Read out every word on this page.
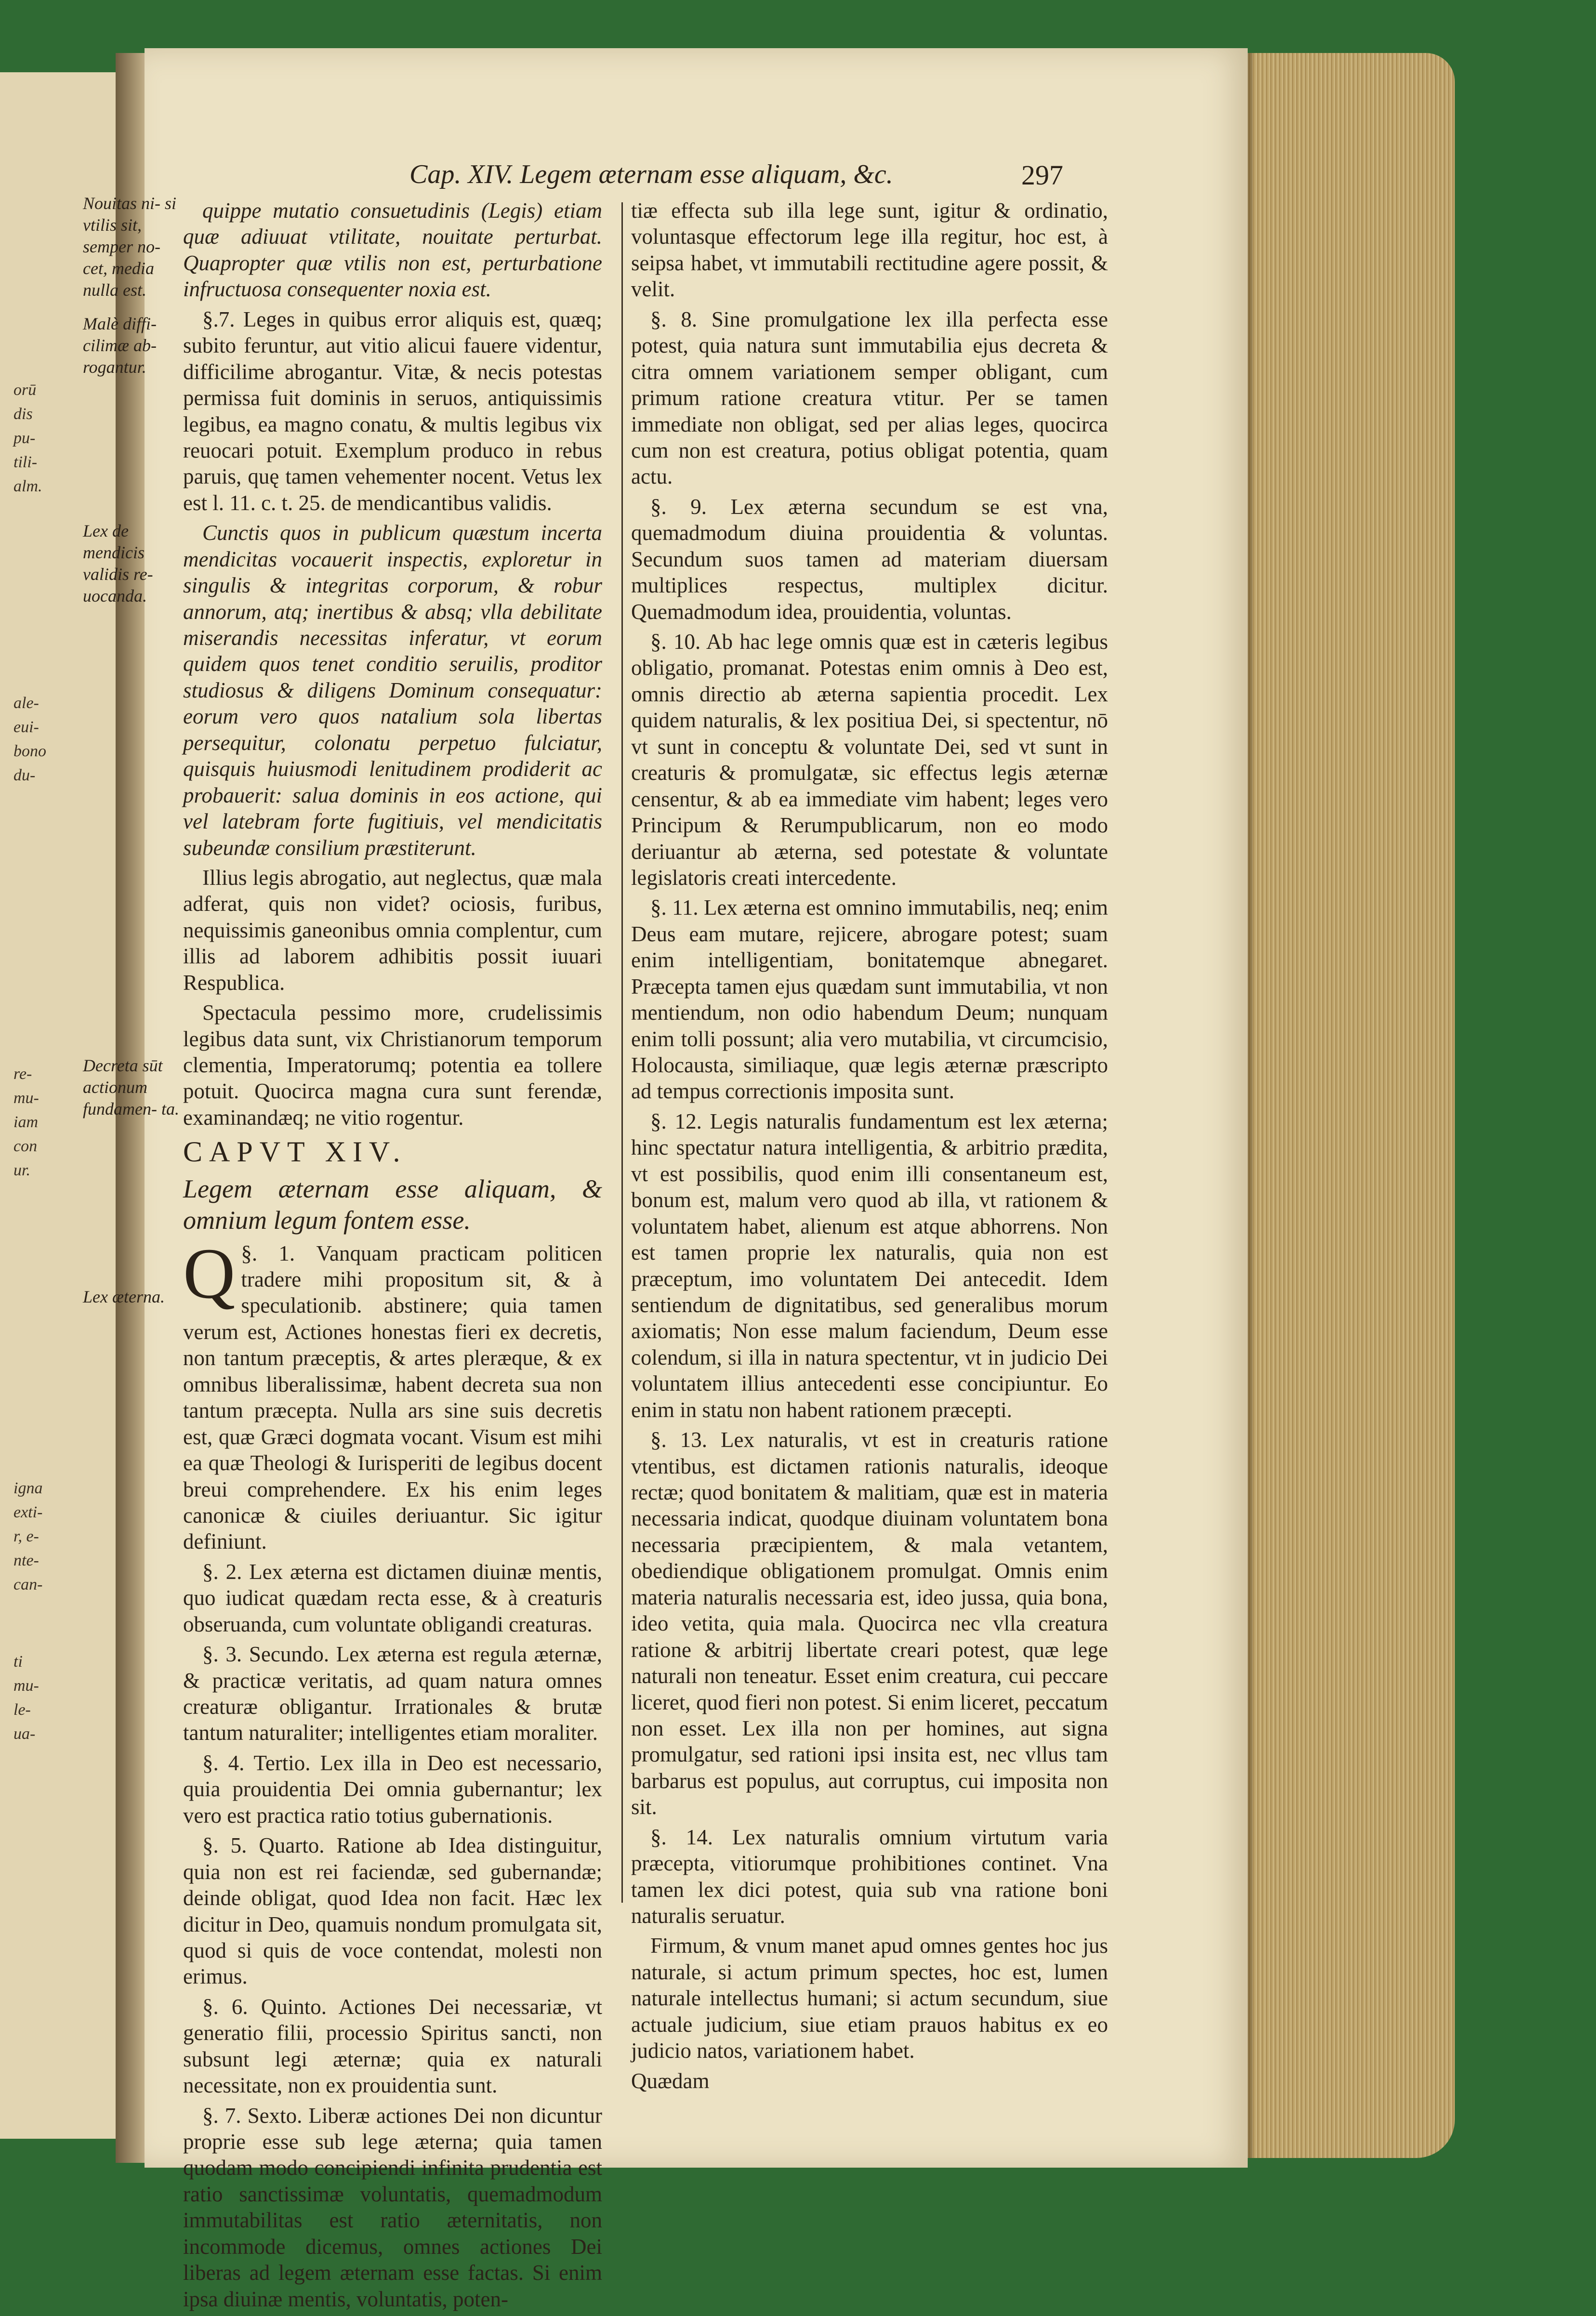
orū
dis
pu-
tili-
alm.
ale-
eui-
bono
du-
re-
mu-
iam
con
ur.
igna
exti-
r, e-
nte-
can-
ti
mu-
le-
ua-
Cap. XIV. Legem æternam esse aliquam, &c.	297
Nouitas ni- si vtilis sit, semper no- cet, media nulla est.
Malè diffi- cilimæ ab- rogantur.
Lex de mendicis validis re- uocanda.
Decreta sūt actionum fundamen- ta.
Lex æterna.

quippe mutatio consuetudinis (Legis) etiam quæ adiuuat vtilitate, nouitate perturbat. Quapropter quæ vtilis non est, perturbatione infructuosa consequenter noxia est.

§.7. Leges in quibus error aliquis est, quæq; subito feruntur, aut vitio alicui fauere videntur, difficilime abrogantur. Vitæ, & necis potestas permissa fuit dominis in seruos, antiquissimis legibus, ea magno conatu, & multis legibus vix reuocari potuit. Exemplum produco in rebus paruis, quę tamen vehementer nocent. Vetus lex est l. 11. c. t. 25. de mendicantibus validis.

Cunctis quos in publicum quæstum incerta mendicitas vocauerit inspectis, exploretur in singulis & integritas corporum, & robur annorum, atq; inertibus & absq; vlla debilitate miserandis necessitas inferatur, vt eorum quidem quos tenet conditio seruilis, proditor studiosus & diligens Dominum consequatur: eorum vero quos natalium sola libertas persequitur, colonatu perpetuo fulciatur, quisquis huiusmodi lenitudinem prodiderit ac probauerit: salua dominis in eos actione, qui vel latebram forte fugitiuis, vel mendicitatis subeundæ consilium præstiterunt.

Illius legis abrogatio, aut neglectus, quæ mala adferat, quis non videt? ociosis, furibus, nequissimis ganeonibus omnia complentur, cum illis ad laborem adhibitis possit iuuari Respublica.

Spectacula pessimo more, crudelissimis legibus data sunt, vix Christianorum temporum clementia, Imperatorumq; potentia ea tollere potuit. Quocirca magna cura sunt ferendæ, examinandæq; ne vitio rogentur.

CAPVT XIV.

Legem æternam esse aliquam, & omnium legum fontem esse.

§. 1.
Q	Vanquam practicam politicen tradere mihi propositum sit, & à speculationib. abstinere; quia tamen verum est, Actiones honestas fieri ex decretis, non tantum præceptis, & artes pleræque, & ex omnibus liberalissimæ, habent decreta sua non tantum præcepta. Nulla ars sine suis decretis est, quæ Græci dogmata vocant. Visum est mihi ea quæ Theologi & Iurisperiti de legibus docent breui comprehendere. Ex his enim leges canonicæ & ciuiles deriuantur. Sic igitur definiunt.

§. 2. Lex æterna est dictamen diuinæ mentis, quo iudicat quædam recta esse, & à creaturis obseruanda, cum voluntate obligandi creaturas.

§. 3. Secundo. Lex æterna est regula æternæ, & practicæ veritatis, ad quam natura omnes creaturæ obligantur. Irrationales & brutæ tantum naturaliter; intelligentes etiam moraliter.

§. 4. Tertio. Lex illa in Deo est necessario, quia prouidentia Dei omnia gubernantur; lex vero est practica ratio totius gubernationis.

§. 5. Quarto. Ratione ab Idea distinguitur, quia non est rei faciendæ, sed gubernandæ; deinde obligat, quod Idea non facit. Hæc lex dicitur in Deo, quamuis nondum promulgata sit, quod si quis de voce contendat, molesti non erimus.

§. 6. Quinto. Actiones Dei necessariæ, vt generatio filii, processio Spiritus sancti, non subsunt legi æternæ; quia ex naturali necessitate, non ex prouidentia sunt.

§. 7. Sexto. Liberæ actiones Dei non dicuntur proprie esse sub lege æterna; quia tamen quodam modo concipiendi infinita prudentia est ratio sanctissimæ voluntatis, quemadmodum immutabilitas est ratio æternitatis, non incommode dicemus, omnes actiones Dei liberas ad legem æternam esse factas. Si enim ipsa diuinæ mentis, voluntatis, poten-

tiæ effecta sub illa lege sunt, igitur & ordinatio, voluntasque effectorum lege illa regitur, hoc est, à seipsa habet, vt immutabili rectitudine agere possit, & velit.

§. 8. Sine promulgatione lex illa perfecta esse potest, quia natura sunt immutabilia ejus decreta & citra omnem variationem semper obligant, cum primum ratione creatura vtitur. Per se tamen immediate non obligat, sed per alias leges, quocirca cum non est creatura, potius obligat potentia, quam actu.

§. 9. Lex æterna secundum se est vna, quemadmodum diuina prouidentia & voluntas. Secundum suos tamen ad materiam diuersam multiplices respectus, multiplex dicitur. Quemadmodum idea, prouidentia, voluntas.

§. 10. Ab hac lege omnis quæ est in cæteris legibus obligatio, promanat. Potestas enim omnis à Deo est, omnis directio ab æterna sapientia procedit. Lex quidem naturalis, & lex positiua Dei, si spectentur, nō vt sunt in conceptu & voluntate Dei, sed vt sunt in creaturis & promulgatæ, sic effectus legis æternæ censentur, & ab ea immediate vim habent; leges vero Principum & Rerumpublicarum, non eo modo deriuantur ab æterna, sed potestate & voluntate legislatoris creati intercedente.

§. 11. Lex æterna est omnino immutabilis, neq; enim Deus eam mutare, rejicere, abrogare potest; suam enim intelligentiam, bonitatemque abnegaret. Præcepta tamen ejus quædam sunt immutabilia, vt non mentiendum, non odio habendum Deum; nunquam enim tolli possunt; alia vero mutabilia, vt circumcisio, Holocausta, similiaque, quæ legis æternæ præscripto ad tempus correctionis imposita sunt.

§. 12. Legis naturalis fundamentum est lex æterna; hinc spectatur natura intelligentia, & arbitrio prædita, vt est possibilis, quod enim illi consentaneum est, bonum est, malum vero quod ab illa, vt rationem & voluntatem habet, alienum est atque abhorrens. Non est tamen proprie lex naturalis, quia non est præceptum, imo voluntatem Dei antecedit. Idem sentiendum de dignitatibus, sed generalibus morum axiomatis; Non esse malum faciendum, Deum esse colendum, si illa in natura spectentur, vt in judicio Dei voluntatem illius antecedenti esse concipiuntur. Eo enim in statu non habent rationem præcepti.

§. 13. Lex naturalis, vt est in creaturis ratione vtentibus, est dictamen rationis naturalis, ideoque rectæ; quod bonitatem & malitiam, quæ est in materia necessaria indicat, quodque diuinam voluntatem bona necessaria præcipientem, & mala vetantem, obediendique obligationem promulgat. Omnis enim materia naturalis necessaria est, ideo jussa, quia bona, ideo vetita, quia mala. Quocirca nec vlla creatura ratione & arbitrij libertate creari potest, quæ lege naturali non teneatur. Esset enim creatura, cui peccare liceret, quod fieri non potest. Si enim liceret, peccatum non esset. Lex illa non per homines, aut signa promulgatur, sed rationi ipsi insita est, nec vllus tam barbarus est populus, aut corruptus, cui imposita non sit.

§. 14. Lex naturalis omnium virtutum varia præcepta, vitiorumque prohibitiones continet. Vna tamen lex dici potest, quia sub vna ratione boni naturalis seruatur.

Firmum, & vnum manet apud omnes gentes hoc jus naturale, si actum primum spectes, hoc est, lumen naturale intellectus humani; si actum secundum, siue actuale judicium, siue etiam prauos habitus ex eo judicio natos, variationem habet.

Quædam
